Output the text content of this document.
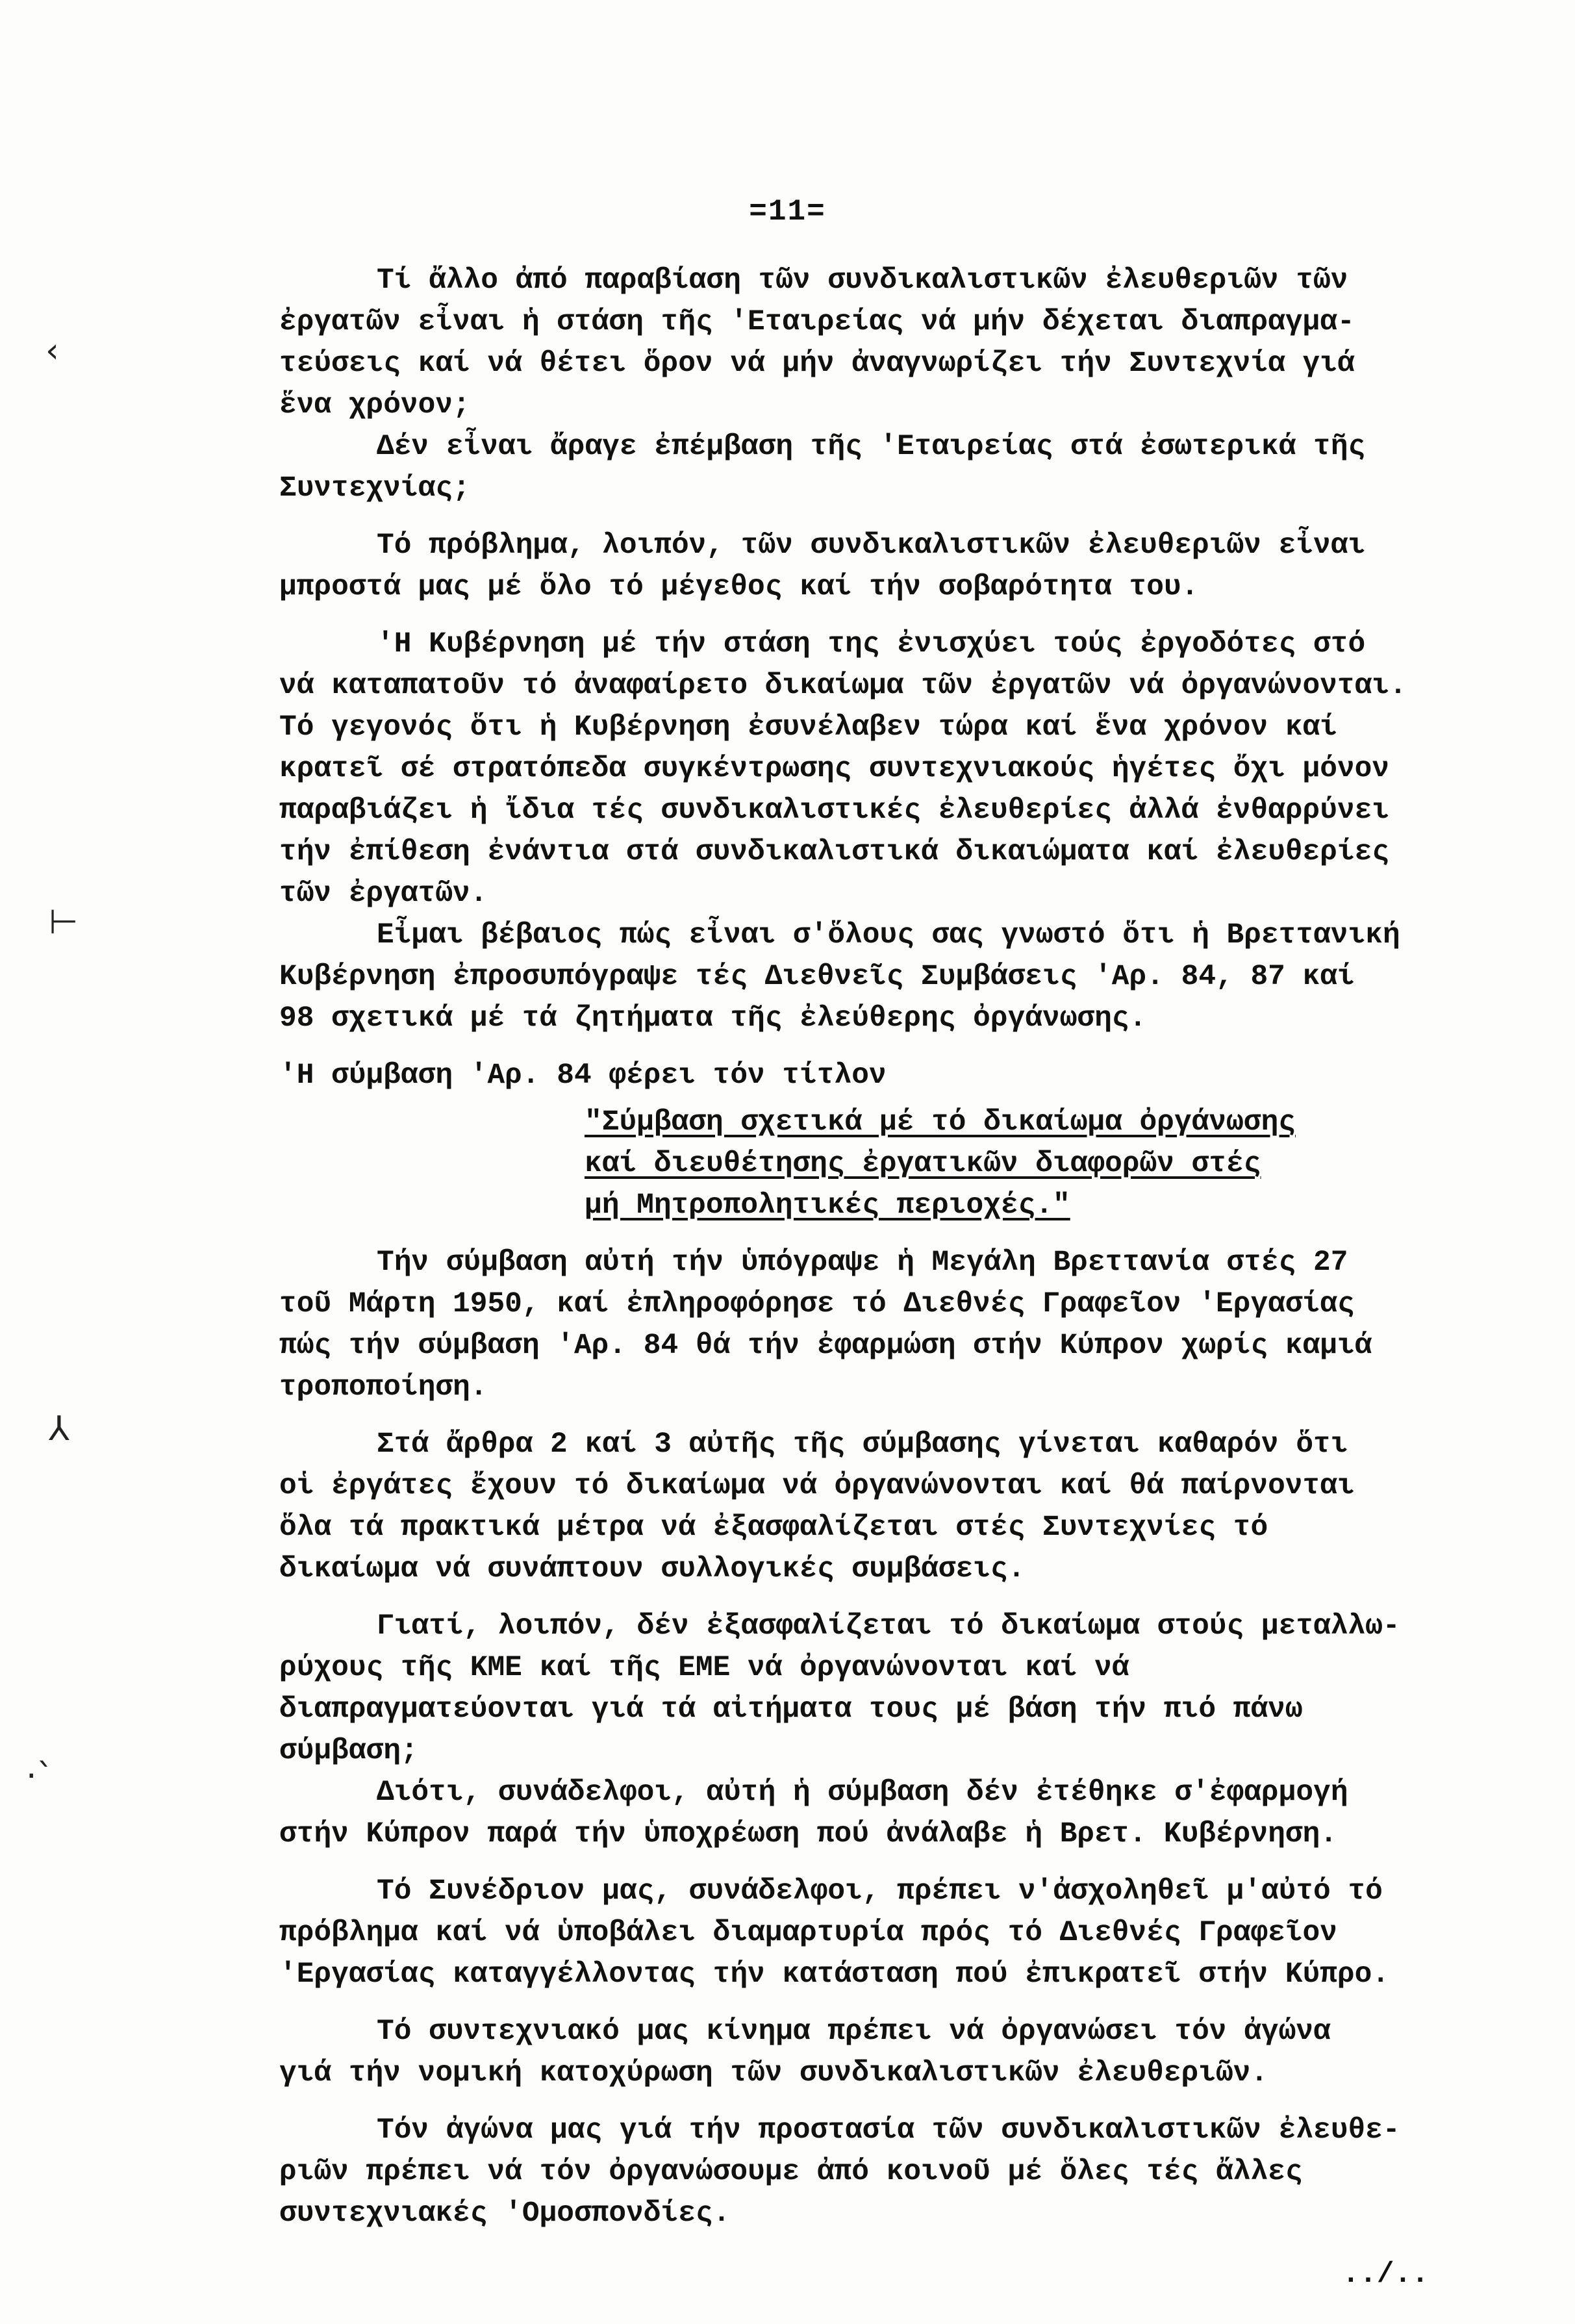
=11=
‹
⊢
⅄
·ˋ
Τί ἄλλο ἀπό παραβίαση τῶν συνδικαλιστικῶν ἐλευθεριῶν τῶν
ἐργατῶν εἶναι ἡ στάση τῆς 'Εταιρείας νά μήν δέχεται διαπραγμα-
τεύσεις καί νά θέτει ὅρον νά μήν ἀναγνωρίζει τήν Συντεχνία γιά
ἕνα χρόνον;
Δέν εἶναι ἄραγε ἐπέμβαση τῆς 'Εταιρείας στά ἐσωτερικά τῆς
Συντεχνίας;
Τό πρόβλημα, λοιπόν, τῶν συνδικαλιστικῶν ἐλευθεριῶν εἶναι
μπροστά μας μέ ὅλο τό μέγεθος καί τήν σοβαρότητα του.
'Η Κυβέρνηση μέ τήν στάση της ἐνισχύει τούς ἐργοδότες στό
νά καταπατοῦν τό ἀναφαίρετο δικαίωμα τῶν ἐργατῶν νά ὀργανώνονται.
Τό γεγονός ὅτι ἡ Κυβέρνηση ἐσυνέλαβεν τώρα καί ἕνα χρόνον καί
κρατεῖ σέ στρατόπεδα συγκέντρωσης συντεχνιακούς ἡγέτες ὄχι μόνον
παραβιάζει ἡ ἴδια τές συνδικαλιστικές ἐλευθερίες ἀλλά ἐνθαρρύνει
τήν ἐπίθεση ἐνάντια στά συνδικαλιστικά δικαιώματα καί ἐλευθερίες
τῶν ἐργατῶν.
Εἶμαι βέβαιος πώς εἶναι σ'ὅλους σας γνωστό ὅτι ἡ Βρεττανική
Κυβέρνηση ἐπροσυπόγραψε τές Διεθνεῖς Συμβάσεις 'Αρ. 84, 87 καί
98 σχετικά μέ τά ζητήματα τῆς ἐλεύθερης ὀργάνωσης.
'Η σύμβαση 'Αρ. 84 φέρει τόν τίτλον
"Σύμβαση σχετικά μέ τό δικαίωμα ὀργάνωσης
καί διευθέτησης ἐργατικῶν διαφορῶν στές
μή Μητροπολητικές περιοχές."
Τήν σύμβαση αὐτή τήν ὑπόγραψε ἡ Μεγάλη Βρεττανία στές 27
τοῦ Μάρτη 1950, καί ἐπληροφόρησε τό Διεθνές Γραφεῖον 'Εργασίας
πώς τήν σύμβαση 'Αρ. 84 θά τήν ἐφαρμώση στήν Κύπρον χωρίς καμιά
τροποποίηση.
Στά ἄρθρα 2 καί 3 αὐτῆς τῆς σύμβασης γίνεται καθαρόν ὅτι
οἱ ἐργάτες ἔχουν τό δικαίωμα νά ὀργανώνονται καί θά παίρνονται
ὅλα τά πρακτικά μέτρα νά ἐξασφαλίζεται στές Συντεχνίες τό
δικαίωμα νά συνάπτουν συλλογικές συμβάσεις.
Γιατί, λοιπόν, δέν ἐξασφαλίζεται τό δικαίωμα στούς μεταλλω-
ρύχους τῆς ΚΜΕ καί τῆς ΕΜΕ νά ὀργανώνονται καί νά
διαπραγματεύονται γιά τά αἰτήματα τους μέ βάση τήν πιό πάνω
σύμβαση;
Διότι, συνάδελφοι, αὐτή ἡ σύμβαση δέν ἐτέθηκε σ'ἐφαρμογή
στήν Κύπρον παρά τήν ὑποχρέωση πού ἀνάλαβε ἡ Βρετ. Κυβέρνηση.
Τό Συνέδριον μας, συνάδελφοι, πρέπει ν'ἀσχοληθεῖ μ'αὐτό τό
πρόβλημα καί νά ὑποβάλει διαμαρτυρία πρός τό Διεθνές Γραφεῖον
'Εργασίας καταγγέλλοντας τήν κατάσταση πού ἐπικρατεῖ στήν Κύπρο.
Τό συντεχνιακό μας κίνημα πρέπει νά ὀργανώσει τόν ἀγώνα
γιά τήν νομική κατοχύρωση τῶν συνδικαλιστικῶν ἐλευθεριῶν.
Τόν ἀγώνα μας γιά τήν προστασία τῶν συνδικαλιστικῶν ἐλευθε-
ριῶν πρέπει νά τόν ὀργανώσουμε ἀπό κοινοῦ μέ ὅλες τές ἄλλες
συντεχνιακές 'Ομοσπονδίες.
../..
